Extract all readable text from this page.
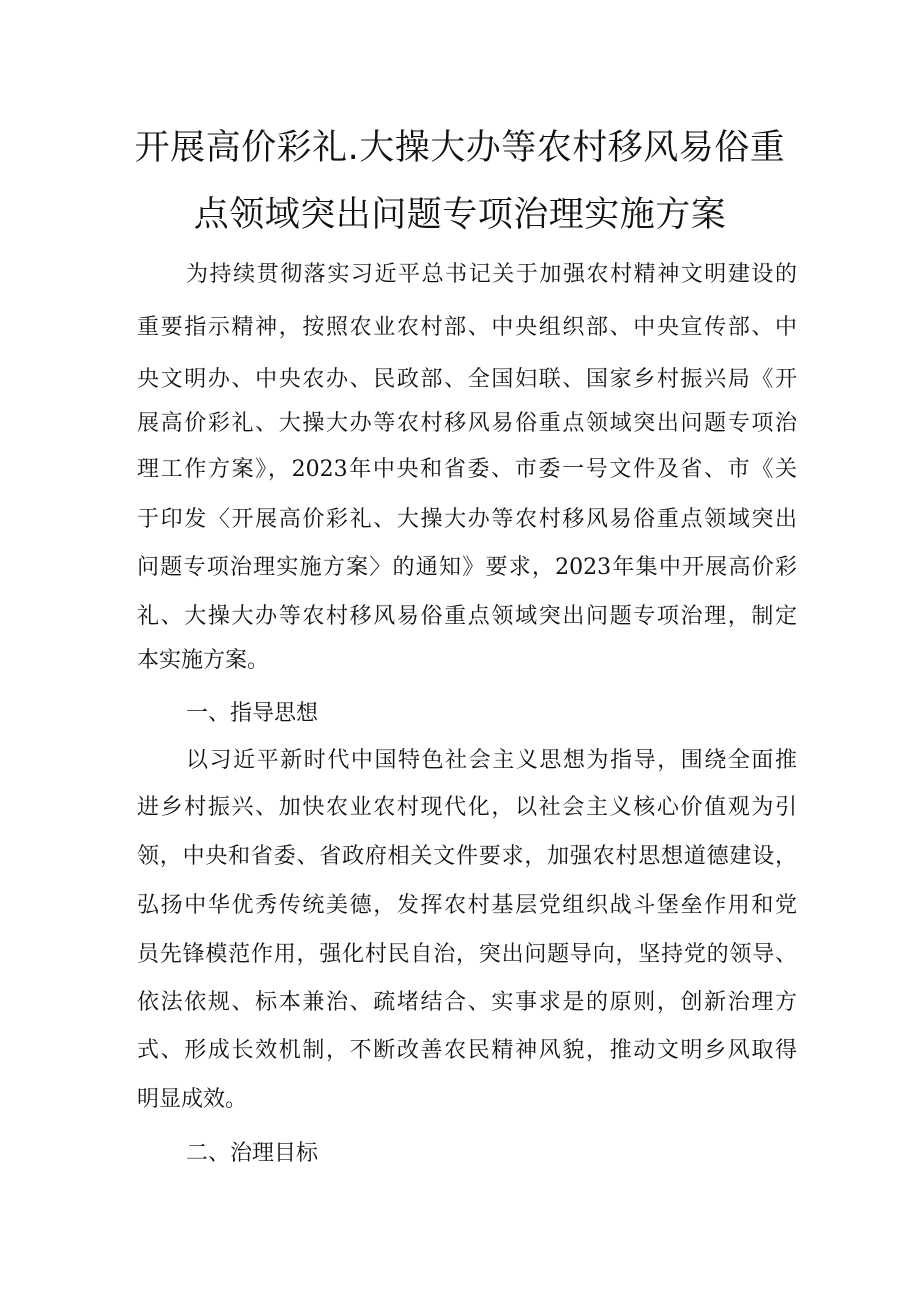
开展高价彩礼.大操大办等农村移风易俗重
点领域突出问题专项治理实施方案
为持续贯彻落实习近平总书记关于加强农村精神文明建设的
重要指示精神，按照农业农村部、中央组织部、中央宣传部、中
央文明办、中央农办、民政部、全国妇联、国家乡村振兴局《开
展高价彩礼、大操大办等农村移风易俗重点领域突出问题专项治
理工作方案》，2023年中央和省委、市委一号文件及省、市《关
于印发〈开展高价彩礼、大操大办等农村移风易俗重点领域突出
问题专项治理实施方案〉的通知》要求，2023年集中开展高价彩
礼、大操大办等农村移风易俗重点领域突出问题专项治理，制定
本实施方案。
一、指导思想
以习近平新时代中国特色社会主义思想为指导，围绕全面推
进乡村振兴、加快农业农村现代化，以社会主义核心价值观为引
领，中央和省委、省政府相关文件要求，加强农村思想道德建设，
弘扬中华优秀传统美德，发挥农村基层党组织战斗堡垒作用和党
员先锋模范作用，强化村民自治，突出问题导向，坚持党的领导、
依法依规、标本兼治、疏堵结合、实事求是的原则，创新治理方
式、形成长效机制，不断改善农民精神风貌，推动文明乡风取得
明显成效。
二、治理目标
